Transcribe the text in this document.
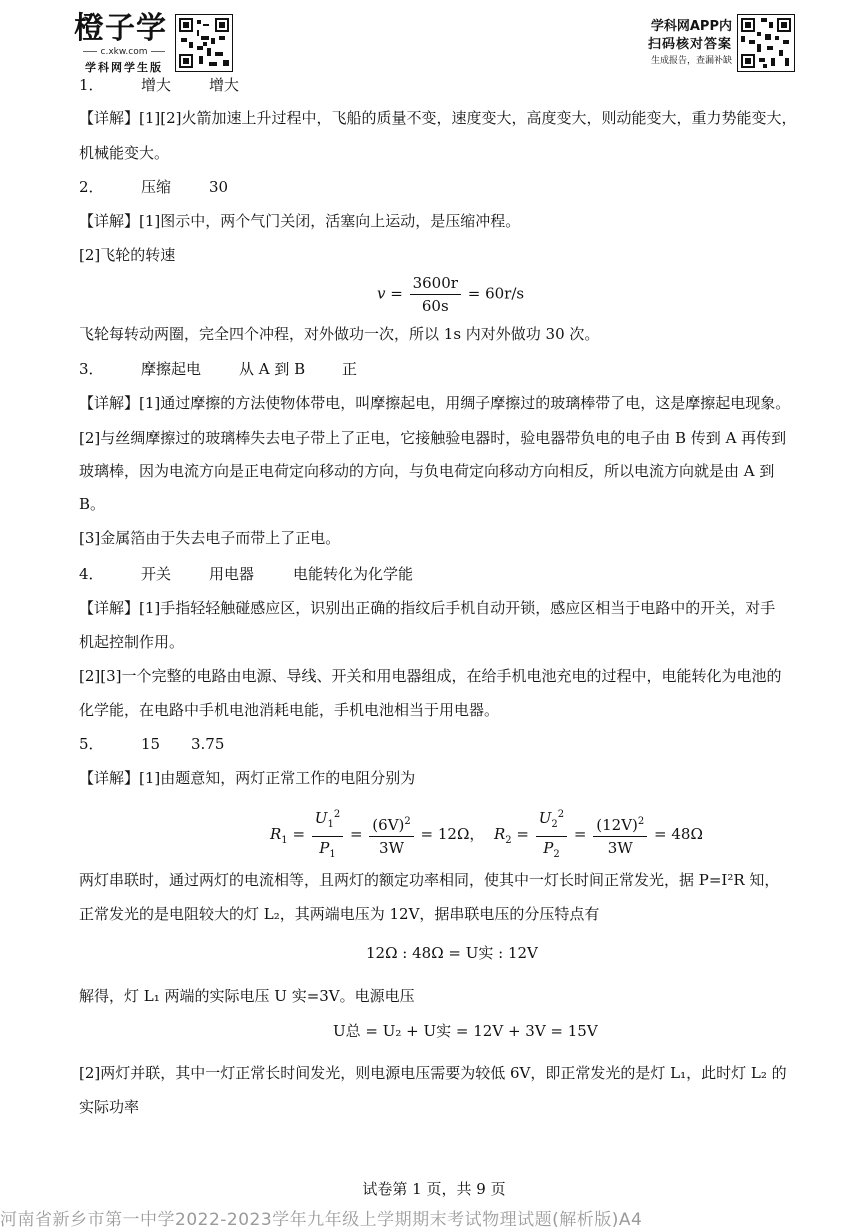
橙子学
c.xkw.com
学科网学生版
学科网APP内
扫码核对答案
生成报告，查漏补缺
1． 增大	增大
【详解】[1][2]火箭加速上升过程中，飞船的质量不变，速度变大，高度变大，则动能变大，重力势能变大，
机械能变大。
2． 压缩	30
【详解】[1]图示中，两个气门关闭，活塞向上运动，是压缩冲程。
[2]飞轮的转速
$v = \frac{3600r}{60s} = 60r/s$
飞轮每转动两圈，完全四个冲程，对外做功一次，所以 1s 内对外做功 30 次。
3． 摩擦起电	从 A 到 B 正
【详解】[1]通过摩擦的方法使物体带电，叫摩擦起电，用绸子摩擦过的玻璃棒带了电，这是摩擦起电现象。
[2]与丝绸摩擦过的玻璃棒失去电子带上了正电，它接触验电器时，验电器带负电的电子由 B 传到 A 再传到
玻璃棒，因为电流方向是正电荷定向移动的方向，与负电荷定向移动方向相反，所以电流方向就是由 A 到
B。
[3]金属箔由于失去电子而带上了正电。
4． 开关	用电器	电能转化为化学能
【详解】[1]手指轻轻触碰感应区，识别出正确的指纹后手机自动开锁，感应区相当于电路中的开关，对手
机起控制作用。
[2][3]一个完整的电路由电源、导线、开关和用电器组成，在给手机电池充电的过程中，电能转化为电池的
化学能，在电路中手机电池消耗电能，手机电池相当于用电器。
5． 15 3.75
【详解】[1]由题意知，两灯正常工作的电阻分别为
$R_1 = \frac{U_1^2}{P_1} = \frac{(6V)^2}{3W} = 12\Omega$， $R_2 = \frac{U_2^2}{P_2} = \frac{(12V)^2}{3W} = 48\Omega$
两灯串联时，通过两灯的电流相等，且两灯的额定功率相同，使其中一灯长时间正常发光，据 P=I²R 知，
正常发光的是电阻较大的灯 L₂，其两端电压为 12V，据串联电压的分压特点有
12Ω : 48Ω = U实 : 12V
解得，灯 L₁ 两端的实际电压 U 实=3V。电源电压
U总 = U₂ + U实 = 12V + 3V = 15V
[2]两灯并联，其中一灯正常长时间发光，则电源电压需要为较低 6V，即正常发光的是灯 L₁，此时灯 L₂ 的
实际功率
试卷第 1 页，共 9 页
河南省新乡市第一中学2022-2023学年九年级上学期期末考试物理试题(解析版)A4
